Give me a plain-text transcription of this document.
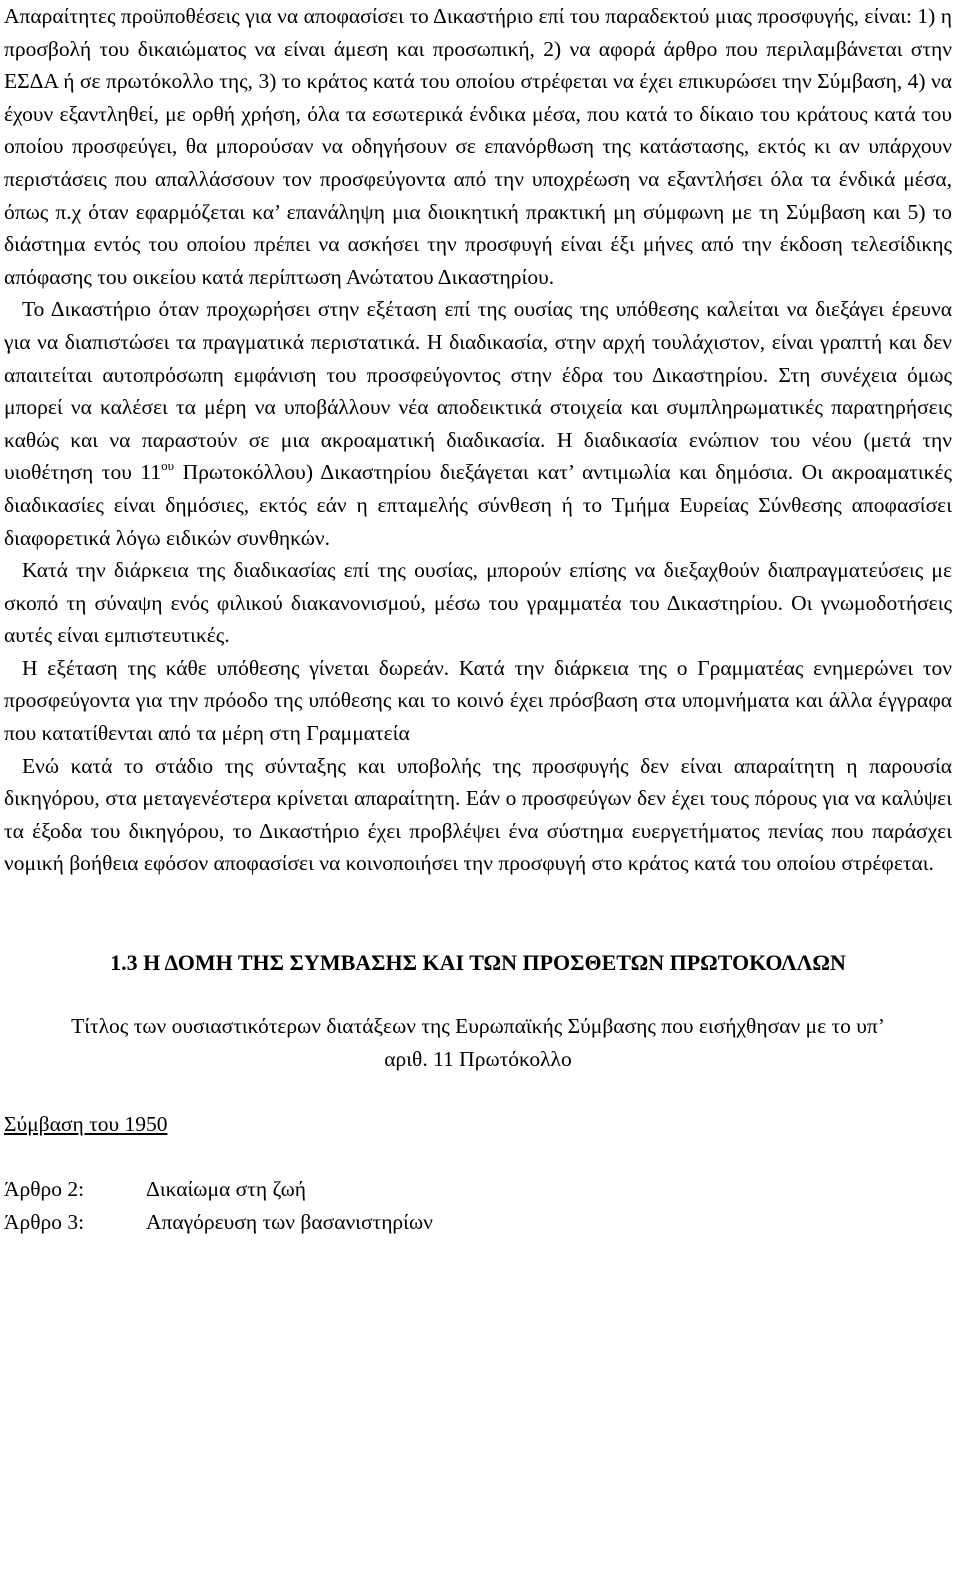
Απαραίτητες προϋποθέσεις για να αποφασίσει το Δικαστήριο επί του παραδεκτού μιας προσφυγής, είναι: 1) η προσβολή του δικαιώματος να είναι άμεση και προσωπική, 2) να αφορά άρθρο που περιλαμβάνεται στην ΕΣΔΑ ή σε πρωτόκολλο της, 3) το κράτος κατά του οποίου στρέφεται να έχει επικυρώσει την Σύμβαση, 4) να έχουν εξαντληθεί, με ορθή χρήση, όλα τα εσωτερικά ένδικα μέσα, που κατά το δίκαιο του κράτους κατά του οποίου προσφεύγει, θα μπορούσαν να οδηγήσουν σε επανόρθωση της κατάστασης, εκτός κι αν υπάρχουν περιστάσεις που απαλλάσσουν τον προσφεύγοντα από την υποχρέωση να εξαντλήσει όλα τα ένδικά μέσα, όπως π.χ όταν εφαρμόζεται κα’ επανάληψη μια διοικητική πρακτική μη σύμφωνη με τη Σύμβαση και 5) το διάστημα εντός του οποίου πρέπει να ασκήσει την προσφυγή είναι έξι μήνες από την έκδοση τελεσίδικης απόφασης του οικείου κατά περίπτωση Ανώτατου Δικαστηρίου.

Το Δικαστήριο όταν προχωρήσει στην εξέταση επί της ουσίας της υπόθεσης καλείται να διεξάγει έρευνα για να διαπιστώσει τα πραγματικά περιστατικά. Η διαδικασία, στην αρχή τουλάχιστον, είναι γραπτή και δεν απαιτείται αυτοπρόσωπη εμφάνιση του προσφεύγοντος στην έδρα του Δικαστηρίου. Στη συνέχεια όμως μπορεί να καλέσει τα μέρη να υποβάλλουν νέα αποδεικτικά στοιχεία και συμπληρωματικές παρατηρήσεις καθώς και να παραστούν σε μια ακροαματική διαδικασία. Η διαδικασία ενώπιον του νέου (μετά την υιοθέτηση του $11^{o\upsilon}$ Πρωτοκόλλου) Δικαστηρίου διεξάγεται κατ’ αντιμωλία και δημόσια. Οι ακροαματικές διαδικασίες είναι δημόσιες, εκτός εάν η επταμελής σύνθεση ή το Τμήμα Ευρείας Σύνθεσης αποφασίσει διαφορετικά λόγω ειδικών συνθηκών.

Κατά την διάρκεια της διαδικασίας επί της ουσίας, μπορούν επίσης να διεξαχθούν διαπραγματεύσεις με σκοπό τη σύναψη ενός φιλικού διακανονισμού, μέσω του γραμματέα του Δικαστηρίου. Οι γνωμοδοτήσεις αυτές είναι εμπιστευτικές.

Η εξέταση της κάθε υπόθεσης γίνεται δωρεάν. Κατά την διάρκεια της ο Γραμματέας ενημερώνει τον προσφεύγοντα για την πρόοδο της υπόθεσης και το κοινό έχει πρόσβαση στα υπομνήματα και άλλα έγγραφα που κατατίθενται από τα μέρη στη Γραμματεία

Ενώ κατά το στάδιο της σύνταξης και υποβολής της προσφυγής δεν είναι απαραίτητη η παρουσία δικηγόρου, στα μεταγενέστερα κρίνεται απαραίτητη. Εάν ο προσφεύγων δεν έχει τους πόρους για να καλύψει τα έξοδα του δικηγόρου, το Δικαστήριο έχει προβλέψει ένα σύστημα ευεργετήματος πενίας που παράσχει νομική βοήθεια εφόσον αποφασίσει να κοινοποιήσει την προσφυγή στο κράτος κατά του οποίου στρέφεται.

1.3 Η ΔΟΜΗ ΤΗΣ ΣΥΜΒΑΣΗΣ ΚΑΙ ΤΩΝ ΠΡΟΣΘΕΤΩΝ ΠΡΩΤΟΚΟΛΛΩΝ

Τίτλος των ουσιαστικότερων διατάξεων της Ευρωπαϊκής Σύμβασης που εισήχθησαν με το υπ’ αριθ. 11 Πρωτόκολλο

Σύμβαση του 1950

Άρθρο 2:	Δικαίωμα στη ζωή
Άρθρο 3:	Απαγόρευση των βασανιστηρίων
